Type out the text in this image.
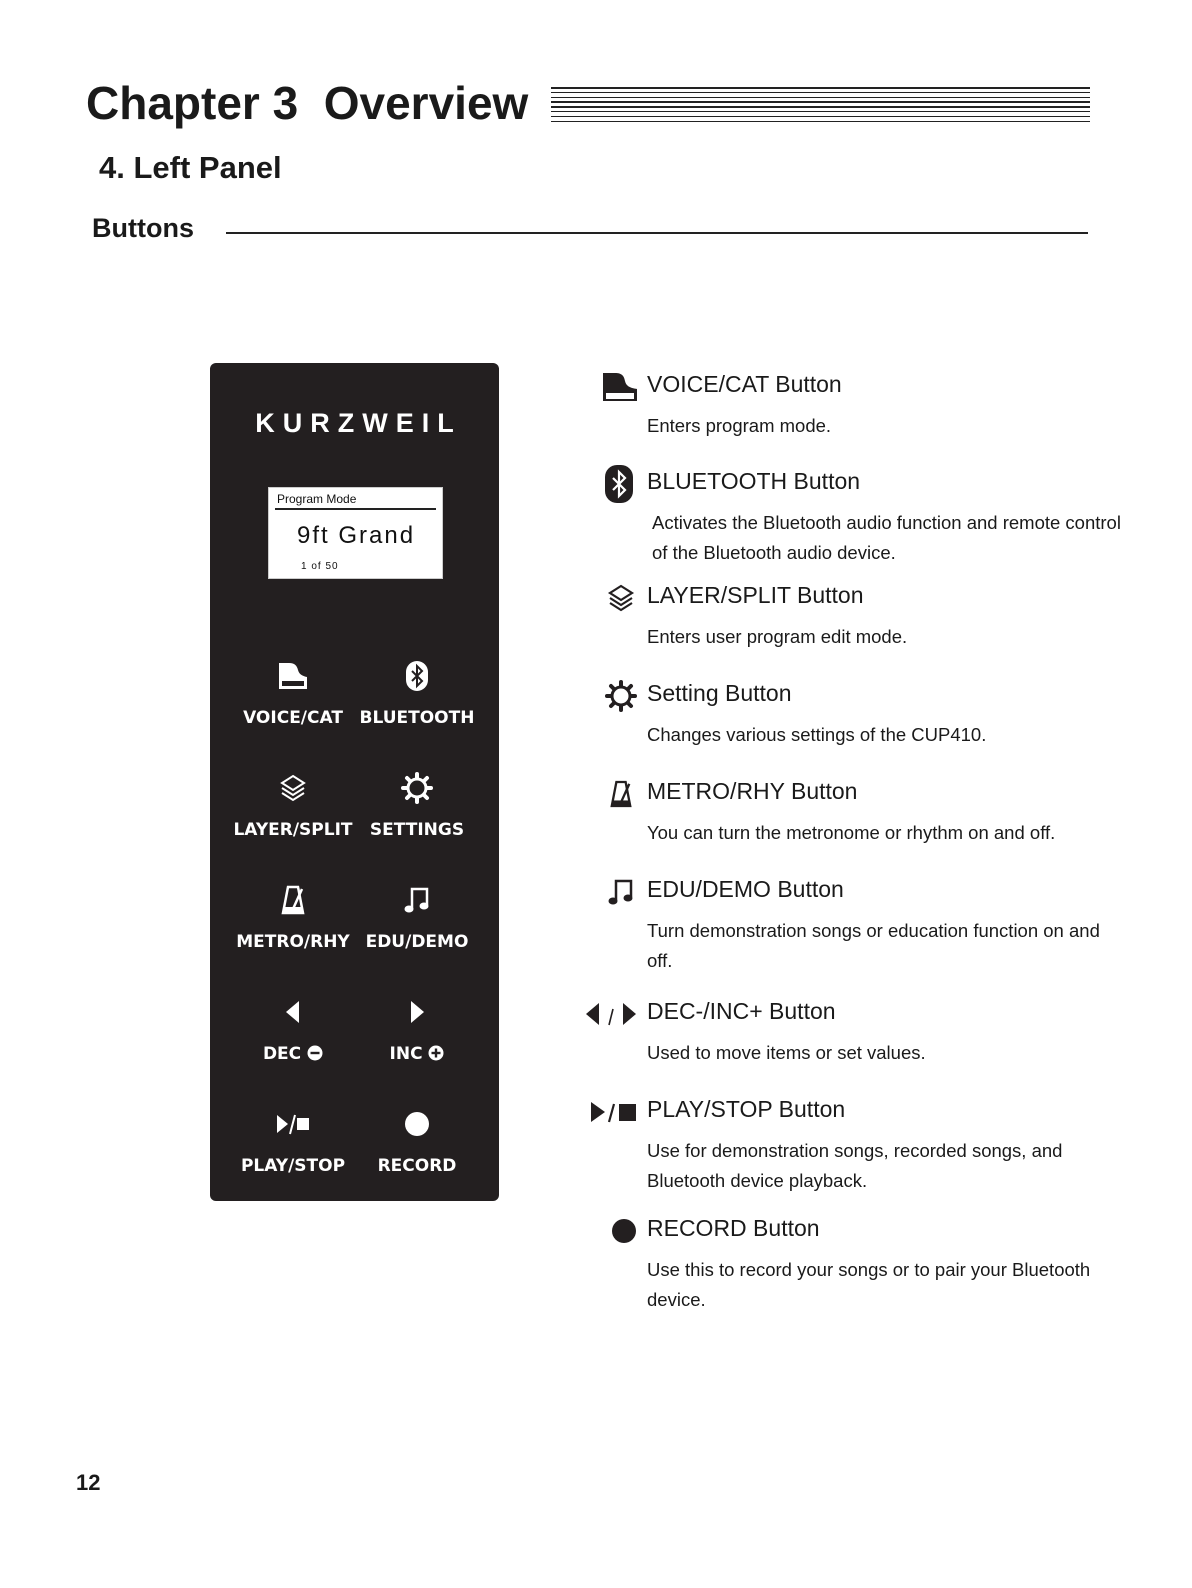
Chapter 3  Overview
4. Left Panel
Buttons
KURZWEIL
Program Mode
9ft Grand
1 of 50
VOICE/CAT BLUETOOTH
LAYER/SPLIT	SETTINGS
METRO/RHY EDU/DEMO
DEC	INC
PLAY/STOP	RECORD
VOICE/CAT Button
Enters program mode.
BLUETOOTH Button
Activates the Bluetooth audio function and remote control of the Bluetooth audio device.
LAYER/SPLIT Button
Enters user program edit mode.
Setting Button
Changes various settings of the CUP410.
METRO/RHY Button
You can turn the metronome or rhythm on and off.
EDU/DEMO Button
Turn demonstration songs or education function on and off.
DEC-/INC+ Button
Used to move items or set values.
PLAY/STOP Button
Use for demonstration songs, recorded songs, and Bluetooth device playback.
RECORD Button
Use this to record your songs or to pair your Bluetooth device.
12
